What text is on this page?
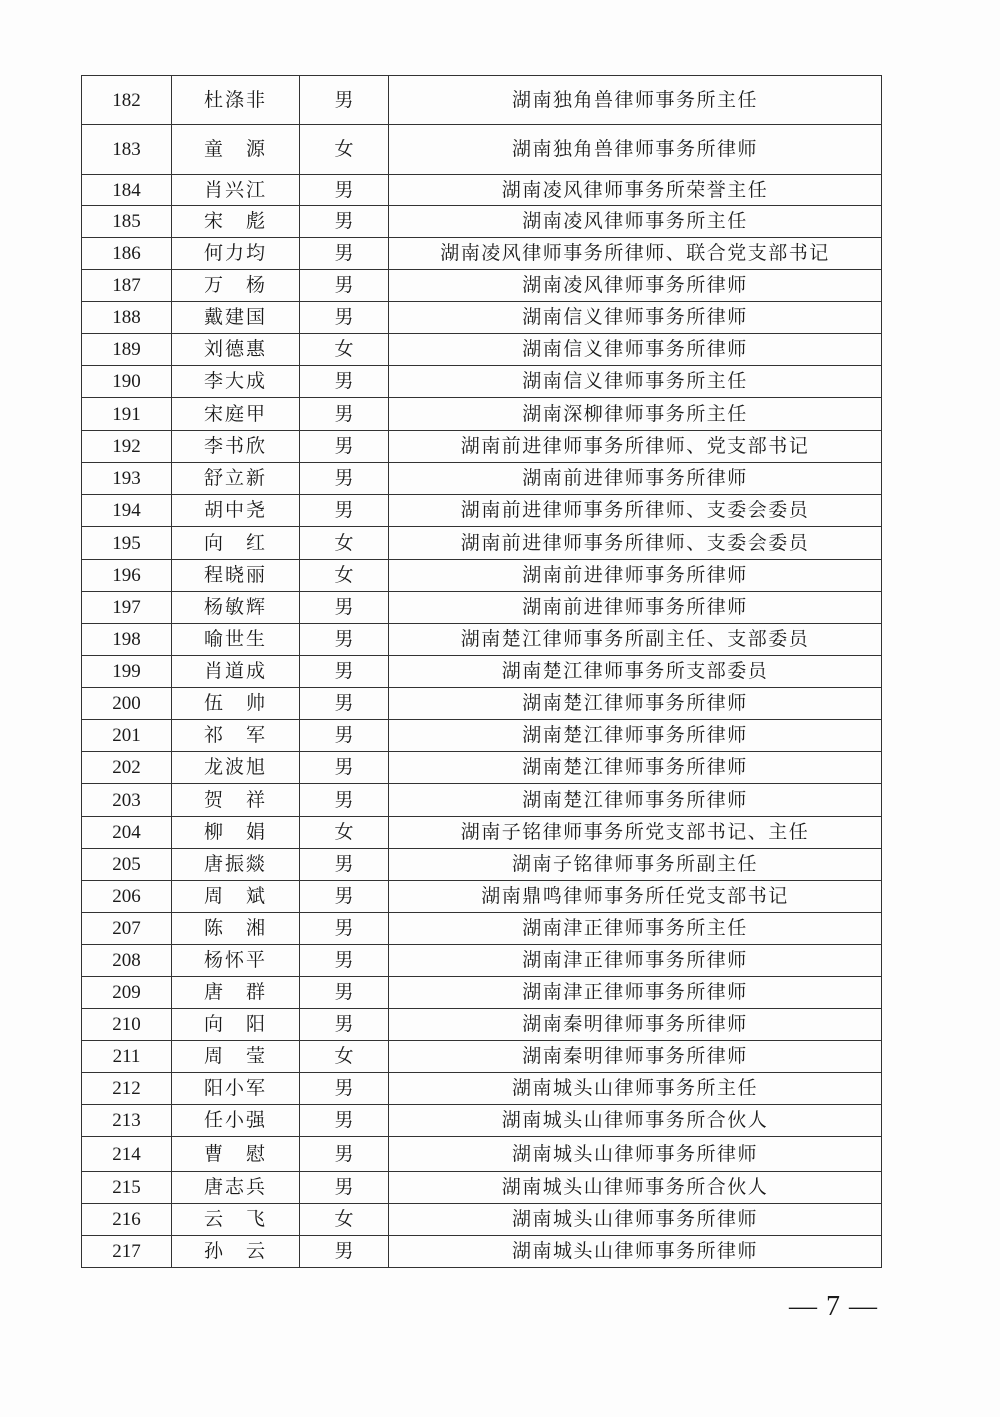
182	杜涤非	男	湖南独角兽律师事务所主任
183	童　源	女	湖南独角兽律师事务所律师
184	肖兴江	男	湖南凌风律师事务所荣誉主任
185	宋　彪	男	湖南凌风律师事务所主任
186	何力均	男	湖南凌风律师事务所律师、联合党支部书记
187	万　杨	男	湖南凌风律师事务所律师
188	戴建国	男	湖南信义律师事务所律师
189	刘德惠	女	湖南信义律师事务所律师
190	李大成	男	湖南信义律师事务所主任
191	宋庭甲	男	湖南深柳律师事务所主任
192	李书欣	男	湖南前进律师事务所律师、党支部书记
193	舒立新	男	湖南前进律师事务所律师
194	胡中尧	男	湖南前进律师事务所律师、支委会委员
195	向　红	女	湖南前进律师事务所律师、支委会委员
196	程晓丽	女	湖南前进律师事务所律师
197	杨敏辉	男	湖南前进律师事务所律师
198	喻世生	男	湖南楚江律师事务所副主任、支部委员
199	肖道成	男	湖南楚江律师事务所支部委员
200	伍　帅	男	湖南楚江律师事务所律师
201	祁　军	男	湖南楚江律师事务所律师
202	龙波旭	男	湖南楚江律师事务所律师
203	贺　祥	男	湖南楚江律师事务所律师
204	柳　娟	女	湖南子铭律师事务所党支部书记、主任
205	唐振燚	男	湖南子铭律师事务所副主任
206	周　斌	男	湖南鼎鸣律师事务所任党支部书记
207	陈　湘	男	湖南津正律师事务所主任
208	杨怀平	男	湖南津正律师事务所律师
209	唐　群	男	湖南津正律师事务所律师
210	向　阳	男	湖南秦明律师事务所律师
211	周　莹	女	湖南秦明律师事务所律师
212	阳小军	男	湖南城头山律师事务所主任
213	任小强	男	湖南城头山律师事务所合伙人
214	曹　慰	男	湖南城头山律师事务所律师
215	唐志兵	男	湖南城头山律师事务所合伙人
216	云　飞	女	湖南城头山律师事务所律师
217	孙　云	男	湖南城头山律师事务所律师
— 7 —
